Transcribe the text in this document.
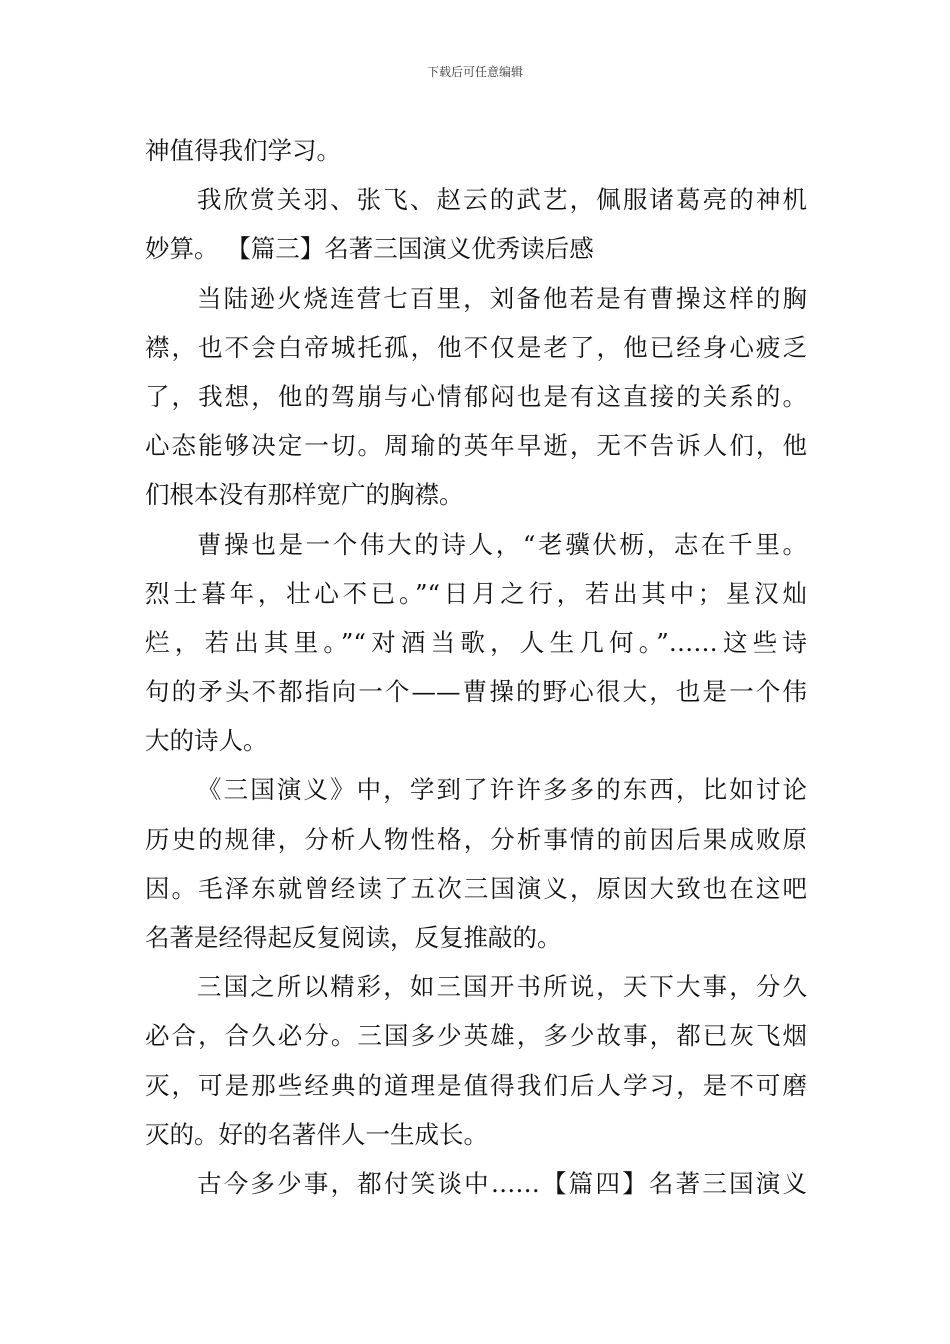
下载后可任意编辑
神值得我们学习。
我欣赏关羽、张飞、赵云的武艺，佩服诸葛亮的神机
妙算。 【篇三】名著三国演义优秀读后感
当陆逊火烧连营七百里，刘备他若是有曹操这样的胸
襟，也不会白帝城托孤，他不仅是老了，他已经身心疲乏
了，我想，他的驾崩与心情郁闷也是有这直接的关系的。
心态能够决定一切。周瑜的英年早逝，无不告诉人们，他
们根本没有那样宽广的胸襟。
曹操也是一个伟大的诗人，“老骥伏枥，志在千里。
烈士暮年，壮心不已。”“日月之行，若出其中；星汉灿
烂，若出其里。”“对酒当歌，人生几何。”……这些诗
句的矛头不都指向一个——曹操的野心很大，也是一个伟
大的诗人。
《三国演义》中，学到了许许多多的东西，比如讨论
历史的规律，分析人物性格，分析事情的前因后果成败原
因。毛泽东就曾经读了五次三国演义，原因大致也在这吧
名著是经得起反复阅读，反复推敲的。
三国之所以精彩，如三国开书所说，天下大事，分久
必合，合久必分。三国多少英雄，多少故事，都已灰飞烟
灭，可是那些经典的道理是值得我们后人学习，是不可磨
灭的。好的名著伴人一生成长。
古今多少事，都付笑谈中……【篇四】名著三国演义
